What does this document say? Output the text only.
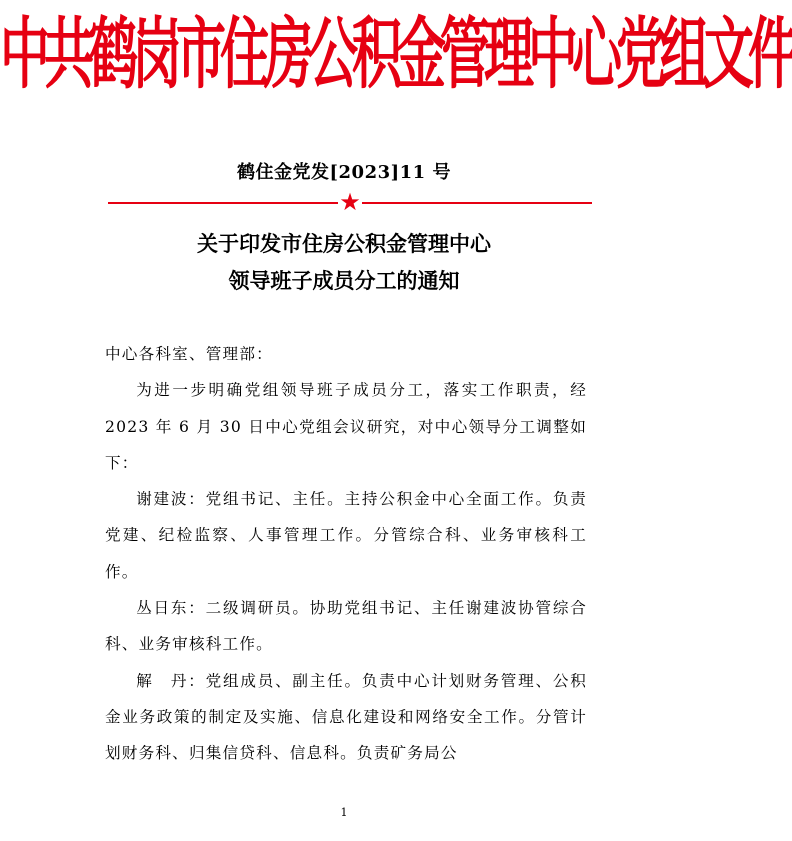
中共鹤岗市住房公积金管理中心党组文件
鹤住金党发[2023]11 号
★
关于印发市住房公积金管理中心
领导班子成员分工的通知

中心各科室、管理部：

为进一步明确党组领导班子成员分工，落实工作职责，经 2023 年 6 月 30 日中心党组会议研究，对中心领导分工调整如下：

谢建波：党组书记、主任。主持公积金中心全面工作。负责党建、纪检监察、人事管理工作。分管综合科、业务审核科工作。

丛日东：二级调研员。协助党组书记、主任谢建波协管综合科、业务审核科工作。

解　丹：党组成员、副主任。负责中心计划财务管理、公积金业务政策的制定及实施、信息化建设和网络安全工作。分管计划财务科、归集信贷科、信息科。负责矿务局公

1
